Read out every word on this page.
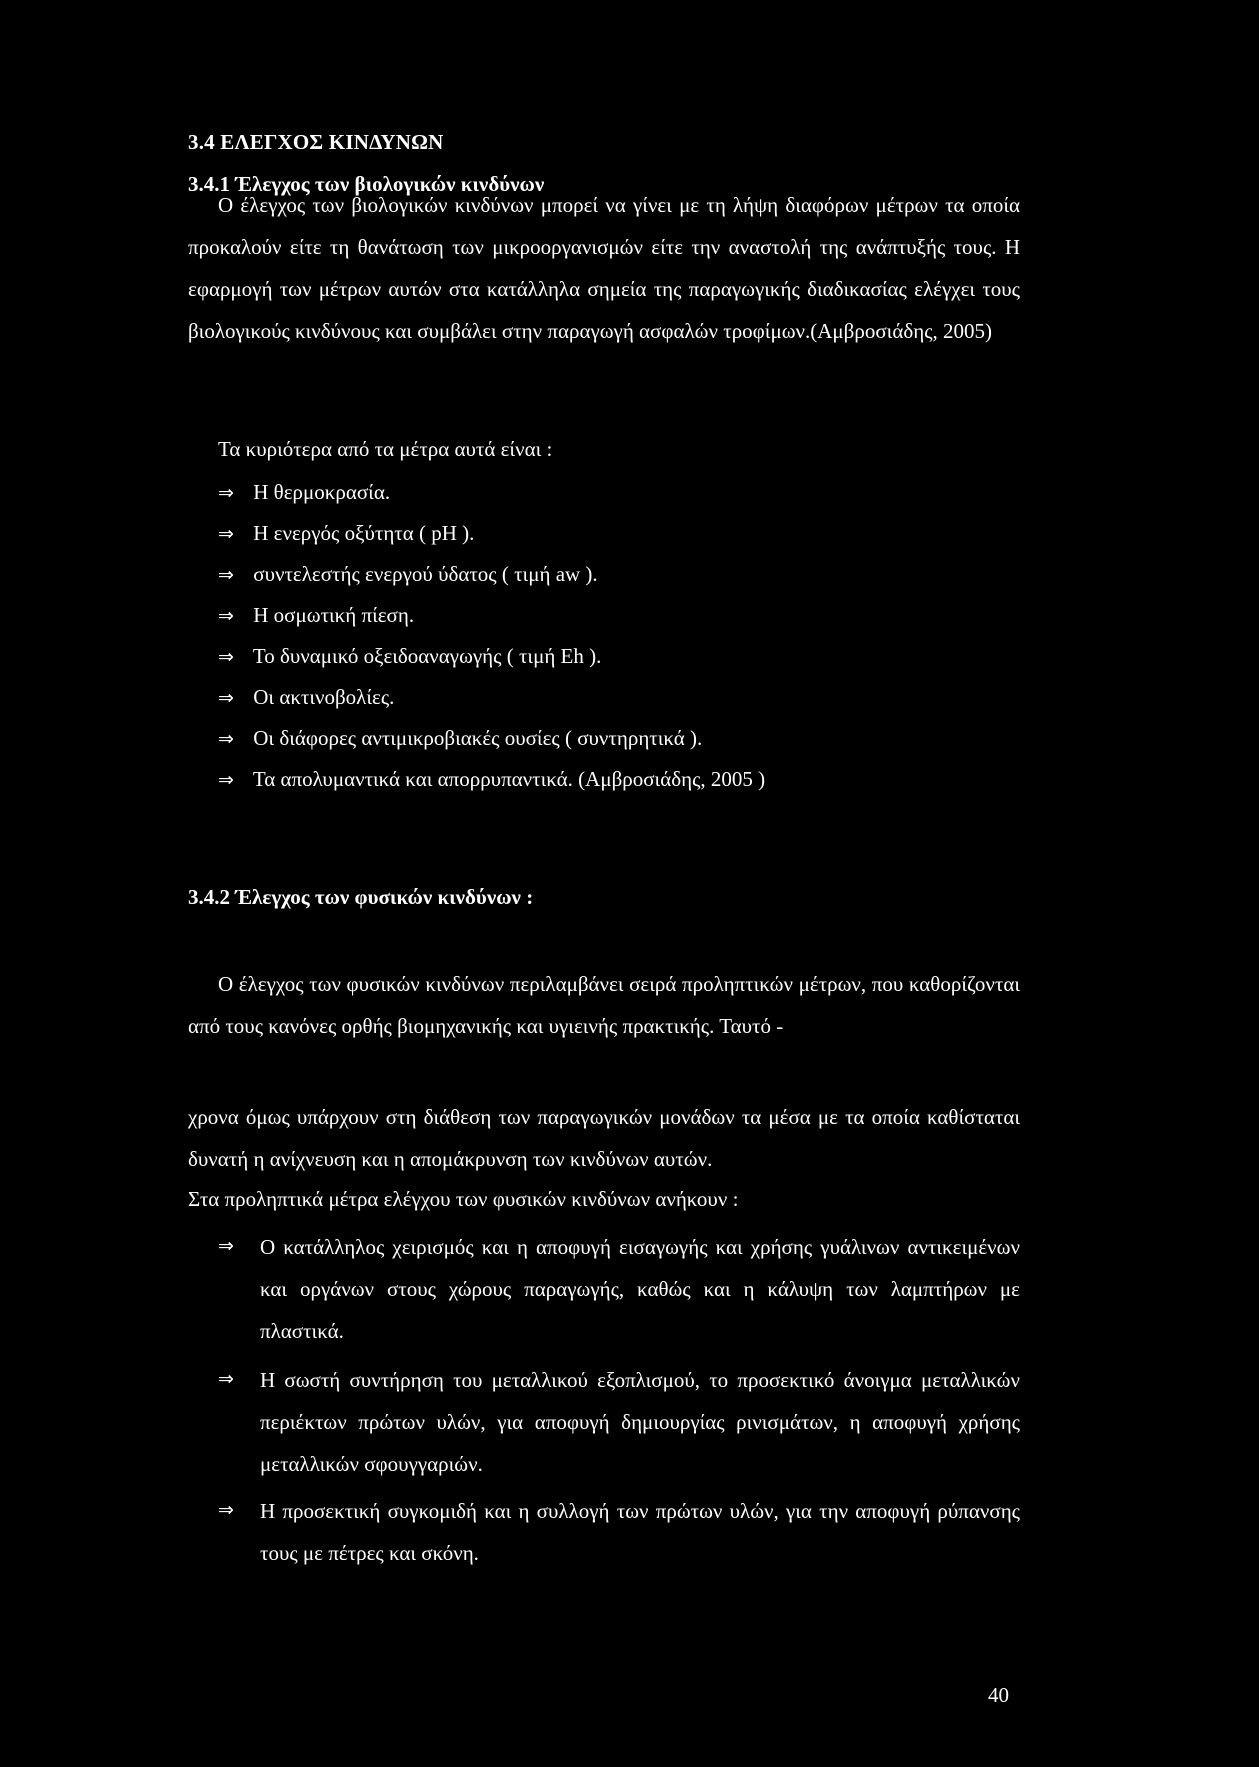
3.4 ΕΛΕΓΧΟΣ ΚΙΝΔΥΝΩΝ
3.4.1 Έλεγχος των βιολογικών κινδύνων

Ο έλεγχος των βιολογικών κινδύνων μπορεί να γίνει με τη λήψη διαφόρων μέτρων τα οποία προκαλούν είτε τη θανάτωση των μικροοργανισμών είτε την αναστολή της ανάπτυξής τους. Η εφαρμογή των μέτρων αυτών στα κατάλληλα σημεία της παραγωγικής διαδικασίας ελέγχει τους βιολογικούς κινδύνους και συμβάλει στην παραγωγή ασφαλών τροφίμων.(Αμβροσιάδης, 2005)

Τα κυριότερα από τα μέτρα αυτά είναι :
⇒ Η θερμοκρασία.
⇒ Η ενεργός οξύτητα ( pH ).
⇒ συντελεστής ενεργού ύδατος ( τιμή aw ).
⇒ Η οσμωτική πίεση.
⇒ Το δυναμικό οξειδοαναγωγής ( τιμή Eh ).
⇒ Οι ακτινοβολίες.
⇒ Οι διάφορες αντιμικροβιακές ουσίες ( συντηρητικά ).
⇒ Τα απολυμαντικά και απορρυπαντικά. (Αμβροσιάδης, 2005 )
3.4.2 Έλεγχος των φυσικών κινδύνων :

Ο έλεγχος των φυσικών κινδύνων περιλαμβάνει σειρά προληπτικών μέτρων, που καθορίζονται από τους κανόνες ορθής βιομηχανικής και υγιεινής πρακτικής. Ταυτό -

χρονα όμως υπάρχουν στη διάθεση των παραγωγικών μονάδων τα μέσα με τα οποία καθίσταται δυνατή η ανίχνευση και η απομάκρυνση των κινδύνων αυτών.

Στα προληπτικά μέτρα ελέγχου των φυσικών κινδύνων ανήκουν :
⇒	Ο κατάλληλος χειρισμός και η αποφυγή εισαγωγής και χρήσης γυάλινων αντικειμένων και οργάνων στους χώρους παραγωγής, καθώς και η κάλυψη των λαμπτήρων με πλαστικά.
⇒	Η σωστή συντήρηση του μεταλλικού εξοπλισμού, το προσεκτικό άνοιγμα μεταλλικών περιέκτων πρώτων υλών, για αποφυγή δημιουργίας ρινισμάτων, η αποφυγή χρήσης μεταλλικών σφουγγαριών.
⇒	Η προσεκτική συγκομιδή και η συλλογή των πρώτων υλών, για την αποφυγή ρύπανσης τους με πέτρες και σκόνη.
40
